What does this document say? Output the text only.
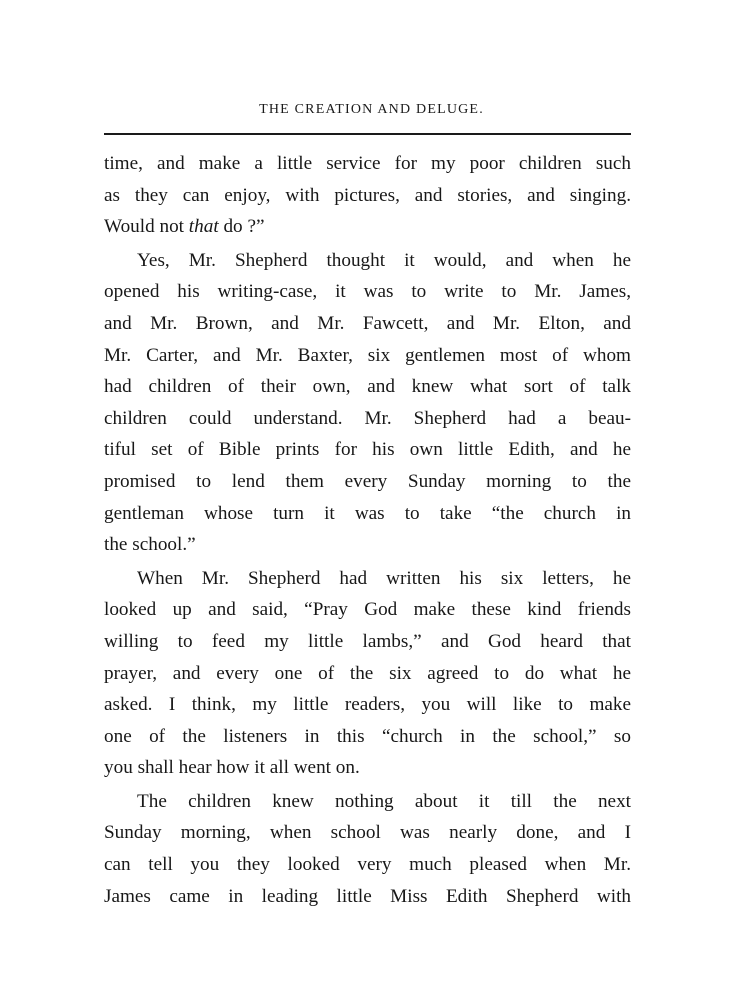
THE CREATION AND DELUGE.
time, and make a little service for my poor children such
as they can enjoy, with pictures, and stories, and singing.
Would not that do ?”
Yes, Mr. Shepherd thought it would, and when he
opened his writing-case, it was to write to Mr. James,
and Mr. Brown, and Mr. Fawcett, and Mr. Elton, and
Mr. Carter, and Mr. Baxter, six gentlemen most of whom
had children of their own, and knew what sort of talk
children could understand. Mr. Shepherd had a beau-
tiful set of Bible prints for his own little Edith, and he
promised to lend them every Sunday morning to the
gentleman whose turn it was to take “the church in
the school.”
When Mr. Shepherd had written his six letters, he
looked up and said, “Pray God make these kind friends
willing to feed my little lambs,” and God heard that
prayer, and every one of the six agreed to do what he
asked. I think, my little readers, you will like to make
one of the listeners in this “church in the school,” so
you shall hear how it all went on.
The children knew nothing about it till the next
Sunday morning, when school was nearly done, and I
can tell you they looked very much pleased when Mr.
James came in leading little Miss Edith Shepherd with
